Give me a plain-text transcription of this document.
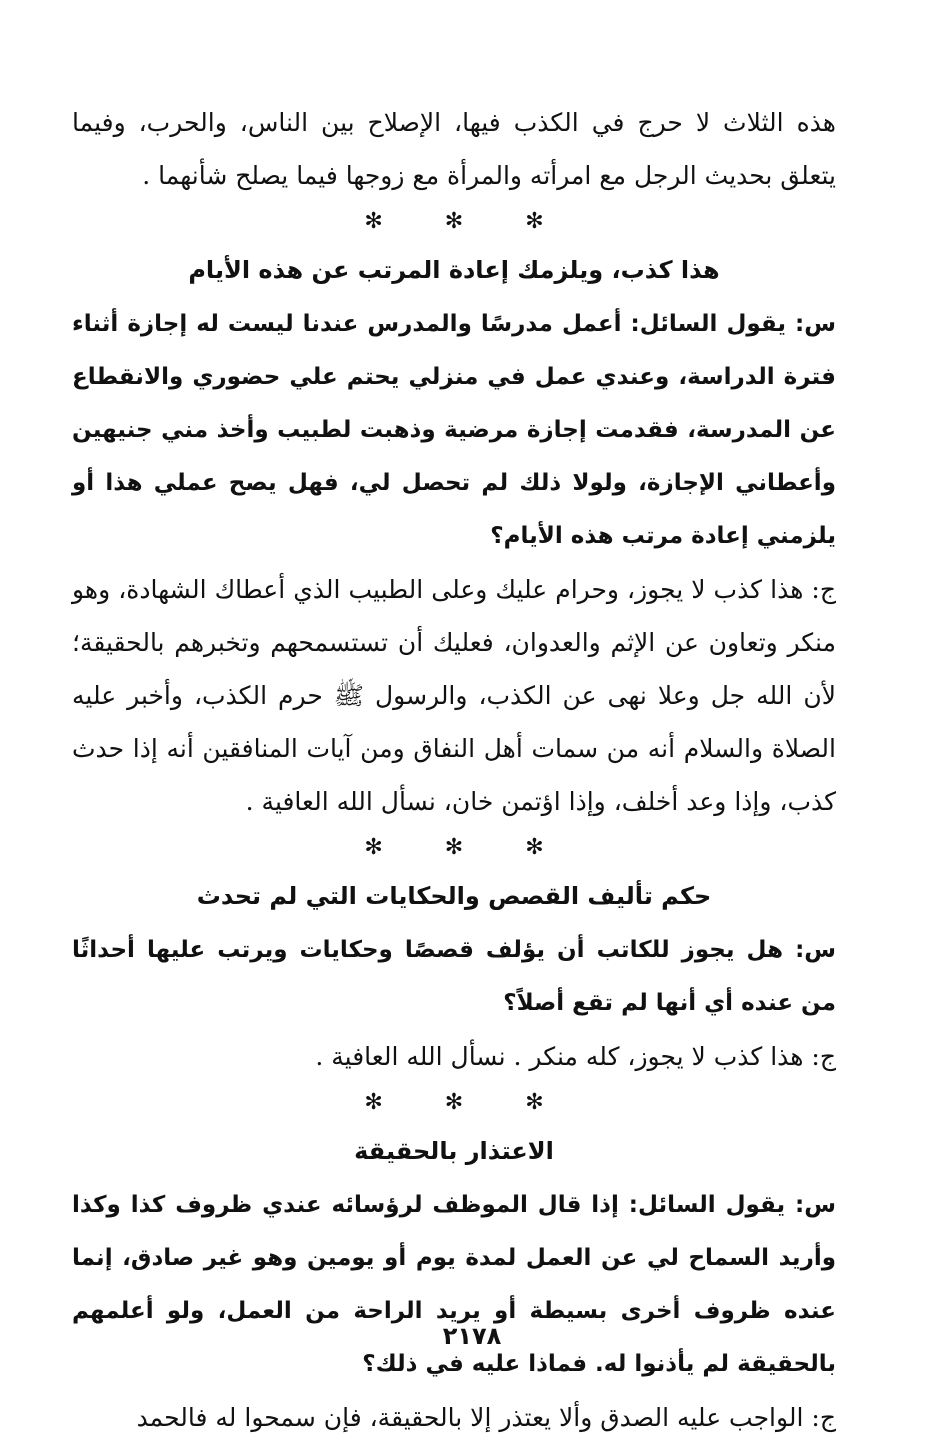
هذه الثلاث لا حرج في الكذب فيها، الإصلاح بين الناس، والحرب، وفيما يتعلق بحديث الرجل مع امرأته والمرأة مع زوجها فيما يصلح شأنهما .

✻
✻
✻

هذا كذب، ويلزمك إعادة المرتب عن هذه الأيام

س: يقول السائل: أعمل مدرسًا والمدرس عندنا ليست له إجازة أثناء فترة الدراسة، وعندي عمل في منزلي يحتم علي حضوري والانقطاع عن المدرسة، فقدمت إجازة مرضية وذهبت لطبيب وأخذ مني جنيهين وأعطاني الإجازة، ولولا ذلك لم تحصل لي، فهل يصح عملي هذا أو يلزمني إعادة مرتب هذه الأيام؟

ج: هذا كذب لا يجوز، وحرام عليك وعلى الطبيب الذي أعطاك الشهادة، وهو منكر وتعاون عن الإثم والعدوان، فعليك أن تستسمحهم وتخبرهم بالحقيقة؛ لأن الله جل وعلا نهى عن الكذب، والرسول ﷺ حرم الكذب، وأخبر عليه الصلاة والسلام أنه من سمات أهل النفاق ومن آيات المنافقين أنه إذا حدث كذب، وإذا وعد أخلف، وإذا اؤتمن خان، نسأل الله العافية .

✻
✻
✻

حكم تأليف القصص والحكايات التي لم تحدث

س: هل يجوز للكاتب أن يؤلف قصصًا وحكايات ويرتب عليها أحداثًا من عنده أي أنها لم تقع أصلاً؟

ج: هذا كذب لا يجوز، كله منكر . نسأل الله العافية .

✻
✻
✻

الاعتذار بالحقيقة

س: يقول السائل: إذا قال الموظف لرؤسائه عندي ظروف كذا وكذا وأريد السماح لي عن العمل لمدة يوم أو يومين وهو غير صادق، إنما عنده ظروف أخرى بسيطة أو يريد الراحة من العمل، ولو أعلمهم بالحقيقة لم يأذنوا له. فماذا عليه في ذلك؟

ج: الواجب عليه الصدق وألا يعتذر إلا بالحقيقة، فإن سمحوا له فالحمد

٢١٧٨
